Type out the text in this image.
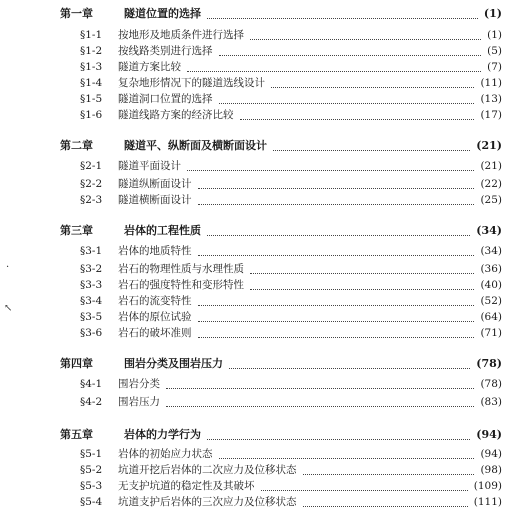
第一章	隧道位置的选择	(1)
§1-1 按地形及地质条件进行选择	(1)
§1-2 按线路类别进行选择	(5)
§1-3 隧道方案比较	(7)
§1-4 复杂地形情况下的隧道选线设计	(11)
§1-5 隧道洞口位置的选择	(13)
§1-6 隧道线路方案的经济比较	(17)
第二章	隧道平、纵断面及横断面设计	(21)
§2-1 隧道平面设计	(21)
§2-2 隧道纵断面设计	(22)
§2-3 隧道横断面设计	(25)
第三章	岩体的工程性质	(34)
§3-1 岩体的地质特性	(34)
§3-2 岩石的物理性质与水理性质	(36)
§3-3 岩石的强度特性和变形特性	(40)
§3-4 岩石的流变特性	(52)
§3-5 岩体的原位试验	(64)
§3-6 岩石的破坏准则	(71)
第四章	围岩分类及围岩压力	(78)
§4-1 围岩分类	(78)
§4-2 围岩压力	(83)
第五章	岩体的力学行为	(94)
§5-1 岩体的初始应力状态	(94)
§5-2 坑道开挖后岩体的二次应力及位移状态	(98)
§5-3 无支护坑道的稳定性及其破坏	(109)
§5-4 坑道支护后岩体的三次应力及位移状态	(111)
·
↖
